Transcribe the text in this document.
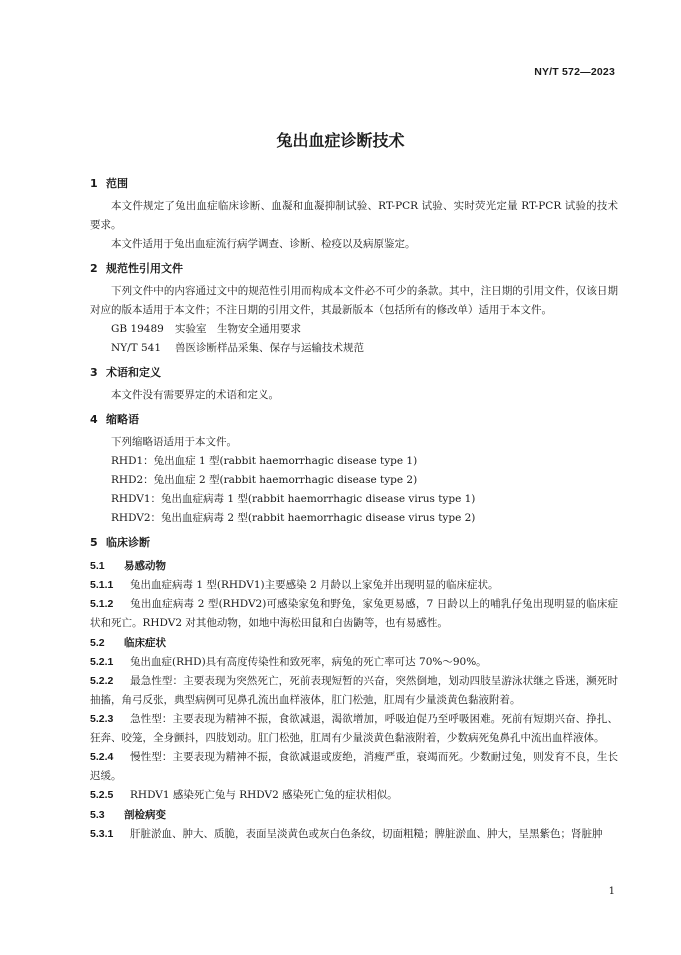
NY/T 572—2023
兔出血症诊断技术
1 范围

本文件规定了兔出血症临床诊断、血凝和血凝抑制试验、RT-PCR 试验、实时荧光定量 RT-PCR 试验的技术要求。

本文件适用于兔出血症流行病学调查、诊断、检疫以及病原鉴定。

2 规范性引用文件

下列文件中的内容通过文中的规范性引用而构成本文件必不可少的条款。其中，注日期的引用文件，仅该日期对应的版本适用于本文件；不注日期的引用文件，其最新版本（包括所有的修改单）适用于本文件。

GB 19489 实验室　生物安全通用要求

NY/T 541 兽医诊断样品采集、保存与运输技术规范

3 术语和定义

本文件没有需要界定的术语和定义。

4 缩略语

下列缩略语适用于本文件。

RHD1：兔出血症 1 型(rabbit haemorrhagic disease type 1)

RHD2：兔出血症 2 型(rabbit haemorrhagic disease type 2)

RHDV1：兔出血症病毒 1 型(rabbit haemorrhagic disease virus type 1)

RHDV2：兔出血症病毒 2 型(rabbit haemorrhagic disease virus type 2)

5 临床诊断
5.1 易感动物

5.1.1 兔出血症病毒 1 型(RHDV1)主要感染 2 月龄以上家兔并出现明显的临床症状。

5.1.2 兔出血症病毒 2 型(RHDV2)可感染家兔和野兔，家兔更易感，7 日龄以上的哺乳仔兔出现明显的临床症状和死亡。RHDV2 对其他动物，如地中海松田鼠和白齿鼩等，也有易感性。

5.2 临床症状

5.2.1 兔出血症(RHD)具有高度传染性和致死率，病兔的死亡率可达 70%～90%。

5.2.2 最急性型：主要表现为突然死亡，死前表现短暂的兴奋，突然倒地，划动四肢呈游泳状继之昏迷，濒死时抽搐，角弓反张，典型病例可见鼻孔流出血样液体，肛门松弛，肛周有少量淡黄色黏液附着。

5.2.3 急性型：主要表现为精神不振，食欲减退，渴欲增加，呼吸迫促乃至呼吸困难。死前有短期兴奋、挣扎、狂奔、咬笼，全身颤抖，四肢划动。肛门松弛，肛周有少量淡黄色黏液附着，少数病死兔鼻孔中流出血样液体。

5.2.4 慢性型：主要表现为精神不振，食欲减退或废绝，消瘦严重，衰竭而死。少数耐过兔，则发育不良，生长迟缓。

5.2.5 RHDV1 感染死亡兔与 RHDV2 感染死亡兔的症状相似。

5.3 剖检病变

5.3.1 肝脏淤血、肿大、质脆，表面呈淡黄色或灰白色条纹，切面粗糙；脾脏淤血、肿大，呈黑紫色；肾脏肿

1
